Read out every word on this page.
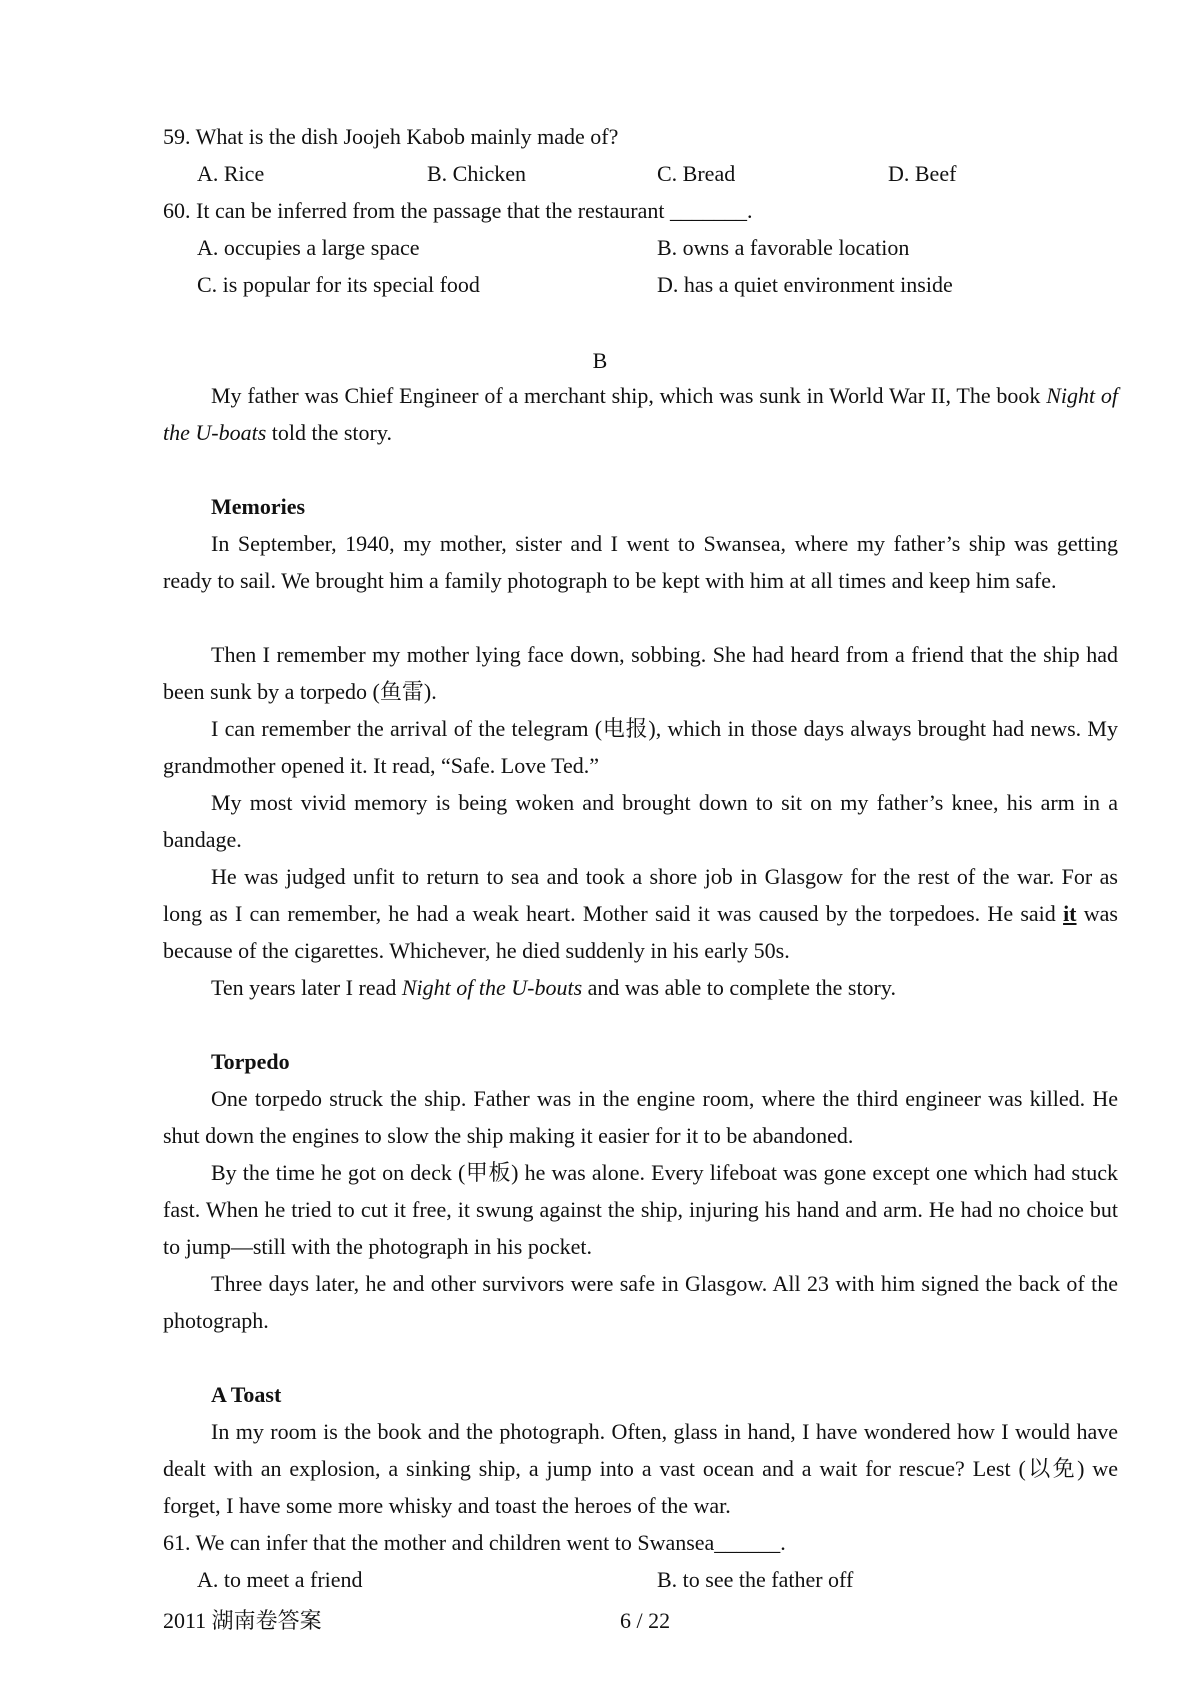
59. What is the dish Joojeh Kabob mainly made of?
A. Rice	B. Chicken	C. Bread	D. Beef
60. It can be inferred from the passage that the restaurant _______.
A. occupies a large space	B. owns a favorable location
C. is popular for its special food	D. has a quiet environment inside
B
My father was Chief Engineer of a merchant ship, which was sunk in World War II, The book Night of the U-boats told the story.
Memories
In September, 1940, my mother, sister and I went to Swansea, where my father’s ship was getting ready to sail. We brought him a family photograph to be kept with him at all times and keep him safe.
Then I remember my mother lying face down, sobbing. She had heard from a friend that the ship had been sunk by a torpedo (鱼雷).
I can remember the arrival of the telegram (电报), which in those days always brought had news. My grandmother opened it. It read, “Safe. Love Ted.”
My most vivid memory is being woken and brought down to sit on my father’s knee, his arm in a bandage.
He was judged unfit to return to sea and took a shore job in Glasgow for the rest of the war. For as long as I can remember, he had a weak heart. Mother said it was caused by the torpedoes. He said it was because of the cigarettes. Whichever, he died suddenly in his early 50s.
Ten years later I read Night of the U-bouts and was able to complete the story.
Torpedo
One torpedo struck the ship. Father was in the engine room, where the third engineer was killed. He shut down the engines to slow the ship making it easier for it to be abandoned.
By the time he got on deck (甲板) he was alone. Every lifeboat was gone except one which had stuck fast. When he tried to cut it free, it swung against the ship, injuring his hand and arm. He had no choice but to jump—still with the photograph in his pocket.
Three days later, he and other survivors were safe in Glasgow. All 23 with him signed the back of the photograph.
A Toast
In my room is the book and the photograph. Often, glass in hand, I have wondered how I would have dealt with an explosion, a sinking ship, a jump into a vast ocean and a wait for rescue? Lest (以免) we forget, I have some more whisky and toast the heroes of the war.
61. We can infer that the mother and children went to Swansea______.
A. to meet a friend	B. to see the father off
2011 湖南卷答案	6 / 22
